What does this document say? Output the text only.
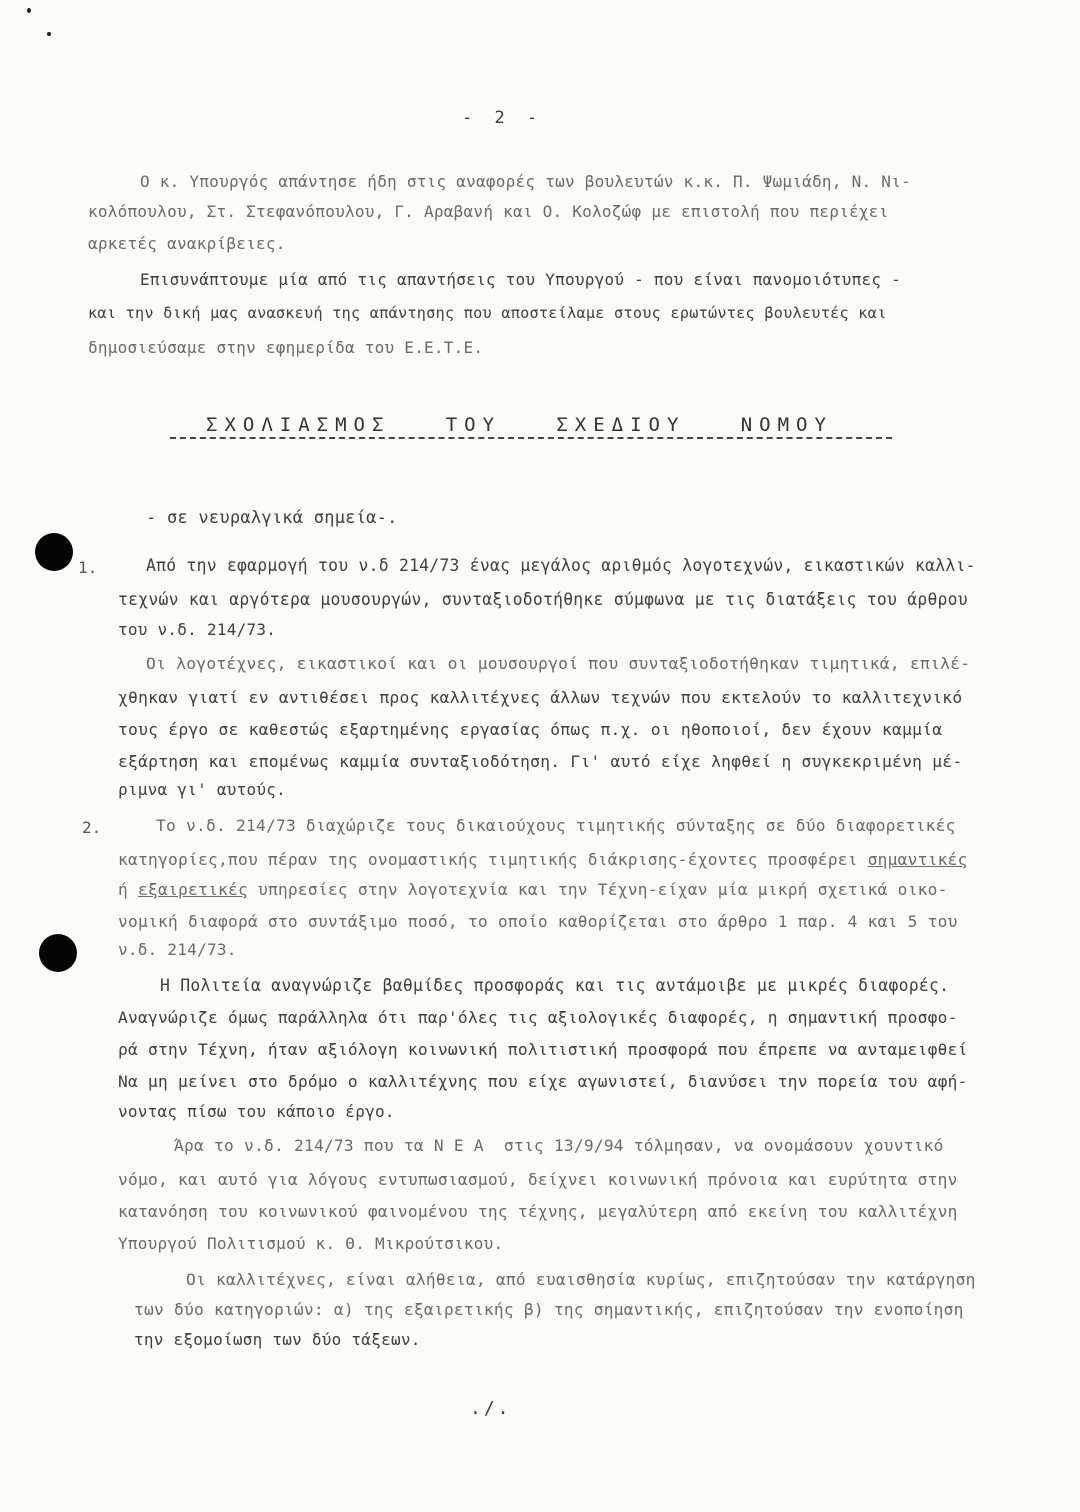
- 2 -
Ο κ. Υπουργός απάντησε ήδη στις αναφορές των βουλευτών κ.κ. Π. Ψωμιάδη, Ν. Νι-
κολόπουλου, Στ. Στεφανόπουλου, Γ. Αραβανή και Ο. Κολοζώφ με επιστολή που περιέχει
αρκετές ανακρίβειες.
Επισυνάπτουμε μία από τις απαντήσεις του Υπουργού - που είναι πανομοιότυπες -
και την δική μας ανασκευή της απάντησης που αποστείλαμε στους ερωτώντες βουλευτές και
δημοσιεύσαμε στην εφημερίδα του Ε.Ε.Τ.Ε.
ΣΧΟΛΙΑΣΜΟΣ   ΤΟΥ   ΣΧΕΔΙΟΥ   ΝΟΜΟΥ
- σε νευραλγικά σημεία-.
1.	Από την εφαρμογή του ν.δ 214/73 ένας μεγάλος αριθμός λογοτεχνών, εικαστικών καλλι-
τεχνών και αργότερα μουσουργών, συνταξιοδοτήθηκε σύμφωνα με τις διατάξεις του άρθρου
του ν.δ. 214/73.
Οι λογοτέχνες, εικαστικοί και οι μουσουργοί που συνταξιοδοτήθηκαν τιμητικά, επιλέ-
χθηκαν γιατί εν αντιθέσει προς καλλιτέχνες άλλων τεχνών που εκτελούν το καλλιτεχνικό
τους έργο σε καθεστώς εξαρτημένης εργασίας όπως π.χ. οι ηθοποιοί, δεν έχουν καμμία
εξάρτηση και επομένως καμμία συνταξιοδότηση. Γι' αυτό είχε ληφθεί η συγκεκριμένη μέ-
ριμνα γι' αυτούς.
2.	Το ν.δ. 214/73 διαχώριζε τους δικαιούχους τιμητικής σύνταξης σε δύο διαφορετικές
κατηγορίες,που πέραν της ονομαστικής τιμητικής διάκρισης-έχοντες προσφέρει σημαντικές
ή εξαιρετικές υπηρεσίες στην λογοτεχνία και την Τέχνη-είχαν μία μικρή σχετικά οικο-
νομική διαφορά στο συντάξιμο ποσό, το οποίο καθορίζεται στο άρθρο 1 παρ. 4 και 5 του
ν.δ. 214/73.
Η Πολιτεία αναγνώριζε βαθμίδες προσφοράς και τις αντάμοιβε με μικρές διαφορές.
Αναγνώριζε όμως παράλληλα ότι παρ'όλες τις αξιολογικές διαφορές, η σημαντική προσφο-
ρά στην Τέχνη, ήταν αξιόλογη κοινωνική πολιτιστική προσφορά που έπρεπε να ανταμειφθεί
Να μη μείνει στο δρόμο ο καλλιτέχνης που είχε αγωνιστεί, διανύσει την πορεία του αφή-
νοντας πίσω του κάποιο έργο.
Άρα το ν.δ. 214/73 που τα Ν Ε Α  στις 13/9/94 τόλμησαν, να ονομάσουν χουντικό
νόμο, και αυτό για λόγους εντυπωσιασμού, δείχνει κοινωνική πρόνοια και ευρύτητα στην
κατανόηση του κοινωνικού φαινομένου της τέχνης, μεγαλύτερη από εκείνη του καλλιτέχνη
Υπουργού Πολιτισμού κ. Θ. Μικρούτσικου.
Οι καλλιτέχνες, είναι αλήθεια, από ευαισθησία κυρίως, επιζητούσαν την κατάργηση
των δύο κατηγοριών: α) της εξαιρετικής β) της σημαντικής, επιζητούσαν την ενοποίηση
την εξομοίωση των δύο τάξεων.
./.
